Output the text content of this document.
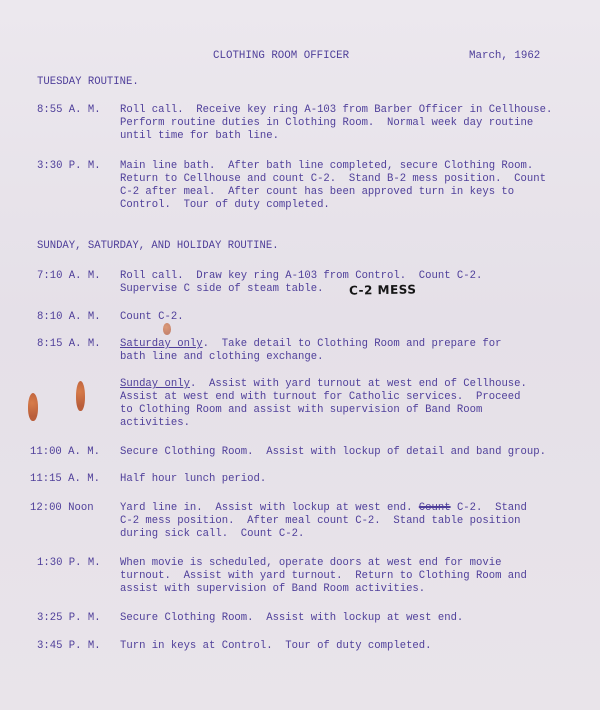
CLOTHING ROOM OFFICER	March, 1962
TUESDAY ROUTINE.
8:55 A. M. Roll call.  Receive key ring A-103 from Barber Officer in Cellhouse.
Perform routine duties in Clothing Room.  Normal week day routine
until time for bath line.
3:30 P. M. Main line bath.  After bath line completed, secure Clothing Room.
Return to Cellhouse and count C-2.  Stand B-2 mess position.  Count
C-2 after meal.  After count has been approved turn in keys to
Control.  Tour of duty completed.
SUNDAY, SATURDAY, AND HOLIDAY ROUTINE.
7:10 A. M. Roll call.  Draw key ring A-103 from Control.  Count C-2.
Supervise C side of steam table. C-2 MESS
8:10 A. M. Count C-2.
8:15 A. M. Saturday only.  Take detail to Clothing Room and prepare for
bath line and clothing exchange.
Sunday only.  Assist with yard turnout at west end of Cellhouse.
Assist at west end with turnout for Catholic services.  Proceed
to Clothing Room and assist with supervision of Band Room
activities.
11:00 A. M. Secure Clothing Room.  Assist with lockup of detail and band group.
11:15 A. M. Half hour lunch period.
12:00 Noon Yard line in.  Assist with lockup at west end. Count C-2.  Stand
C-2 mess position.  After meal count C-2.  Stand table position
during sick call.  Count C-2.
1:30 P. M. When movie is scheduled, operate doors at west end for movie
turnout.  Assist with yard turnout.  Return to Clothing Room and
assist with supervision of Band Room activities.
3:25 P. M. Secure Clothing Room.  Assist with lockup at west end.
3:45 P. M. Turn in keys at Control.  Tour of duty completed.
